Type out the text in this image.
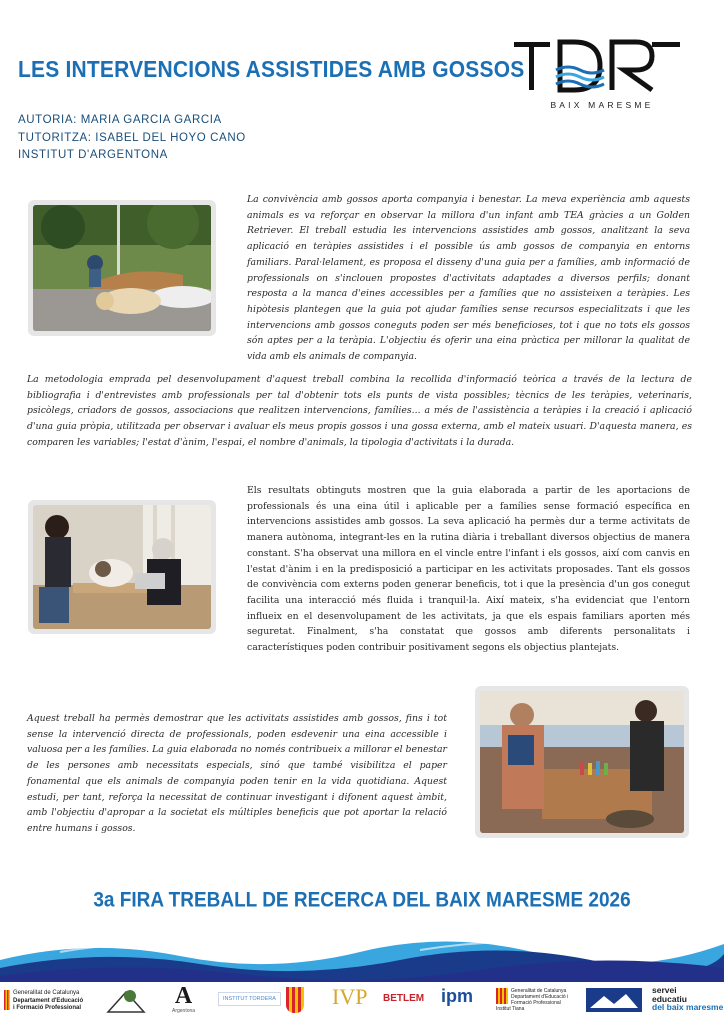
LES INTERVENCIONS ASSISTIDES AMB GOSSOS
BAIX MARESME
AUTORIA: MARIA GARCIA GARCIA
TUTORITZA: ISABEL DEL HOYO CANO
INSTITUT D'ARGENTONA
La convivència amb gossos aporta companyia i benestar. La meva experiència amb aquests animals es va reforçar en observar la millora d'un infant amb TEA gràcies a un Golden Retriever. El treball estudia les intervencions assistides amb gossos, analitzant la seva aplicació en teràpies assistides i el possible ús amb gossos de companyia en entorns familiars. Paral·lelament, es proposa el disseny d'una guia per a famílies, amb informació de professionals on s'inclouen propostes d'activitats adaptades a diversos perfils; donant resposta a la manca d'eines accessibles per a famílies que no assisteixen a teràpies. Les hipòtesis plantegen que la guia pot ajudar famílies sense recursos especialitzats i que les intervencions amb gossos coneguts poden ser més beneficioses, tot i que no tots els gossos són aptes per a la teràpia. L'objectiu és oferir una eina pràctica per millorar la qualitat de vida amb els animals de companyia.
La metodologia emprada pel desenvolupament d'aquest treball combina la recollida d'informació teòrica a través de la lectura de bibliografia i d'entrevistes amb professionals per tal d'obtenir tots els punts de vista possibles; tècnics de les teràpies, veterinaris, psicòlegs, criadors de gossos, associacions que realitzen intervencions, famílies... a més de l'assistència a teràpies i la creació i aplicació d'una guia pròpia, utilitzada per observar i avaluar els meus propis gossos i una gossa externa, amb el mateix usuari. D'aquesta manera, es comparen les variables; l'estat d'ànim, l'espai, el nombre d'animals, la tipologia d'activitats i la durada.
Els resultats obtinguts mostren que la guia elaborada a partir de les aportacions de professionals és una eina útil i aplicable per a famílies sense formació específica en intervencions assistides amb gossos. La seva aplicació ha permès dur a terme activitats de manera autònoma, integrant-les en la rutina diària i treballant diversos objectius de manera constant. S'ha observat una millora en el vincle entre l'infant i els gossos, així com canvis en l'estat d'ànim i en la predisposició a participar en les activitats proposades. Tant els gossos de convivència com externs poden generar beneficis, tot i que la presència d'un gos conegut facilita una interacció més fluida i tranquil·la. Així mateix, s'ha evidenciat que l'entorn influeix en el desenvolupament de les activitats, ja que els espais familiars aporten més seguretat. Finalment, s'ha constatat que gossos amb diferents personalitats i característiques poden contribuir positivament segons els objectius plantejats.
Aquest treball ha permès demostrar que les activitats assistides amb gossos, fins i tot sense la intervenció directa de professionals, poden esdevenir una eina accessible i valuosa per a les famílies. La guia elaborada no només contribueix a millorar el benestar de les persones amb necessitats especials, sinó que també visibilitza el paper fonamental que els animals de companyia poden tenir en la vida quotidiana. Aquest estudi, per tant, reforça la necessitat de continuar investigant i difonent aquest àmbit, amb l'objectiu d'apropar a la societat els múltiples beneficis que pot aportar la relació entre humans i gossos.
3a FIRA TREBALL DE RECERCA DEL BAIX MARESME 2026
Generalitat de Catalunya
Departament d'Educació
i Formació Professional	A
Argentona
INSTITUT TORDERA	IVP BETLEM ipm	Generalitat de Catalunya
Departament d'Educació i
Formació Professional
Institut Tiana
servei
educatiu
del baix maresme
